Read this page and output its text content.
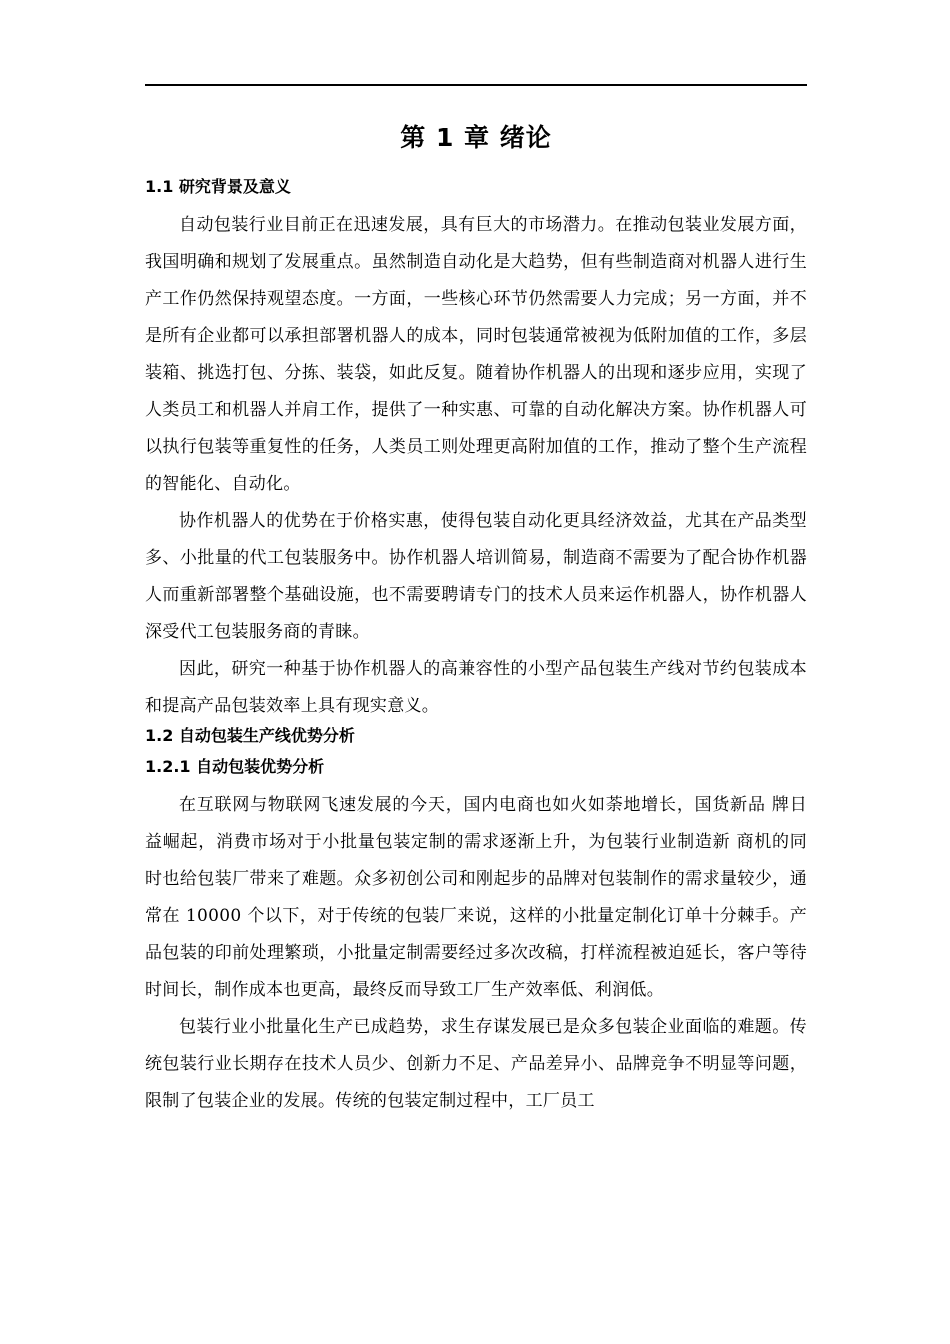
第 1 章 绪论
1.1 研究背景及意义

自动包装行业目前正在迅速发展，具有巨大的市场潜力。在推动包装业发展方面，我国明确和规划了发展重点。虽然制造自动化是大趋势，但有些制造商对机器人进行生产工作仍然保持观望态度。一方面，一些核心环节仍然需要人力完成；另一方面，并不是所有企业都可以承担部署机器人的成本，同时包装通常被视为低附加值的工作，多层装箱、挑选打包、分拣、装袋，如此反复。随着协作机器人的出现和逐步应用，实现了人类员工和机器人并肩工作，提供了一种实惠、可靠的自动化解决方案。协作机器人可以执行包装等重复性的任务，人类员工则处理更高附加值的工作，推动了整个生产流程的智能化、自动化。

协作机器人的优势在于价格实惠，使得包装自动化更具经济效益，尤其在产品类型多、小批量的代工包装服务中。协作机器人培训简易，制造商不需要为了配合协作机器人而重新部署整个基础设施，也不需要聘请专门的技术人员来运作机器人，协作机器人深受代工包装服务商的青睐。

因此，研究一种基于协作机器人的高兼容性的小型产品包装生产线对节约包装成本和提高产品包装效率上具有现实意义。

1.2 自动包装生产线优势分析
1.2.1 自动包装优势分析

在互联网与物联网飞速发展的今天，国内电商也如火如荼地增长，国货新品 牌日益崛起，消费市场对于小批量包装定制的需求逐渐上升，为包装行业制造新 商机的同时也给包装厂带来了难题。众多初创公司和刚起步的品牌对包装制作的需求量较少，通常在 10000 个以下，对于传统的包装厂来说，这样的小批量定制化订单十分棘手。产品包装的印前处理繁琐，小批量定制需要经过多次改稿，打样流程被迫延长，客户等待时间长，制作成本也更高，最终反而导致工厂生产效率低、利润低。

包装行业小批量化生产已成趋势，求生存谋发展已是众多包装企业面临的难题。传统包装行业长期存在技术人员少、创新力不足、产品差异小、品牌竞争不明显等问题，限制了包装企业的发展。传统的包装定制过程中，工厂员工
